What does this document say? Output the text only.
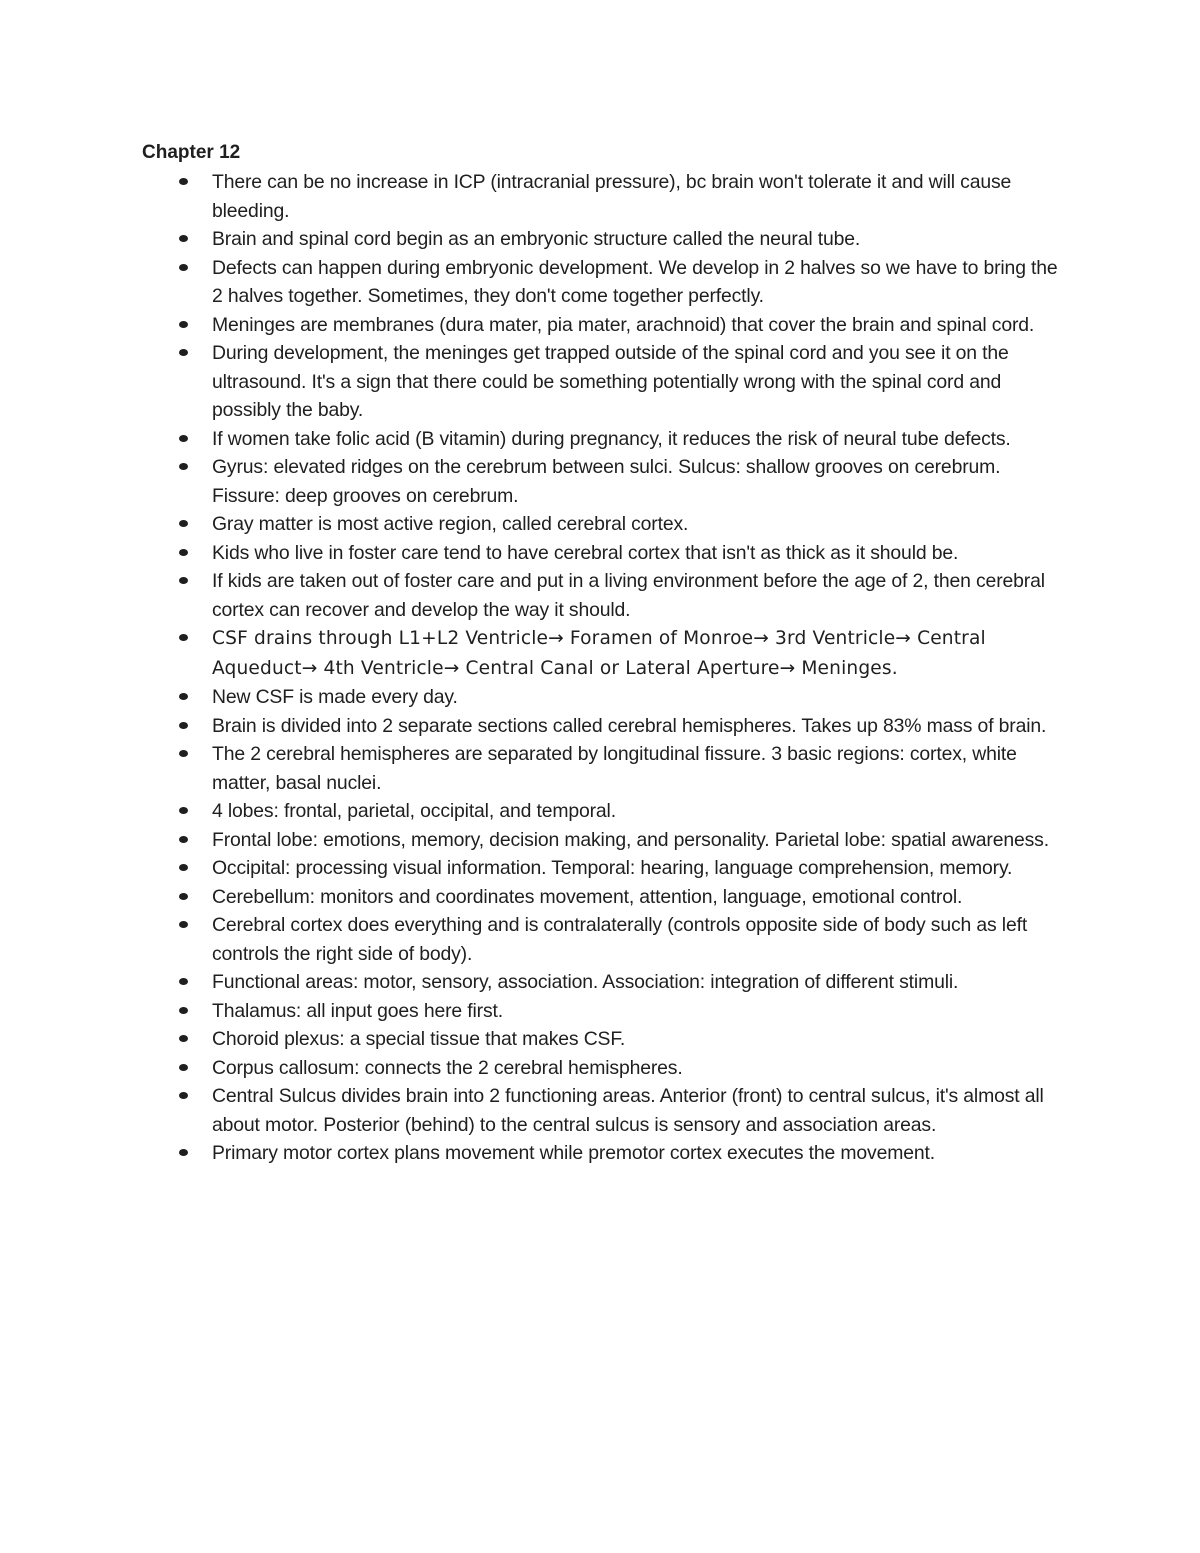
Chapter 12
There can be no increase in ICP (intracranial pressure), bc brain won't tolerate it and will cause bleeding.
Brain and spinal cord begin as an embryonic structure called the neural tube.
Defects can happen during embryonic development. We develop in 2 halves so we have to bring the 2 halves together. Sometimes, they don't come together perfectly.
Meninges are membranes (dura mater, pia mater, arachnoid) that cover the brain and spinal cord.
During development, the meninges get trapped outside of the spinal cord and you see it on the ultrasound. It's a sign that there could be something potentially wrong with the spinal cord and possibly the baby.
If women take folic acid (B vitamin) during pregnancy, it reduces the risk of neural tube defects.
Gyrus: elevated ridges on the cerebrum between sulci. Sulcus: shallow grooves on cerebrum. Fissure: deep grooves on cerebrum.
Gray matter is most active region, called cerebral cortex.
Kids who live in foster care tend to have cerebral cortex that isn't as thick as it should be.
If kids are taken out of foster care and put in a living environment before the age of 2, then cerebral cortex can recover and develop the way it should.
CSF drains through L1+L2 Ventricle→ Foramen of Monroe→ 3rd Ventricle→ Central Aqueduct→ 4th Ventricle→ Central Canal or Lateral Aperture→ Meninges.
New CSF is made every day.
Brain is divided into 2 separate sections called cerebral hemispheres. Takes up 83% mass of brain.
The 2 cerebral hemispheres are separated by longitudinal fissure. 3 basic regions: cortex, white matter, basal nuclei.
4 lobes: frontal, parietal, occipital, and temporal.
Frontal lobe: emotions, memory, decision making, and personality. Parietal lobe: spatial awareness.
Occipital: processing visual information. Temporal: hearing, language comprehension, memory.
Cerebellum: monitors and coordinates movement, attention, language, emotional control.
Cerebral cortex does everything and is contralaterally (controls opposite side of body such as left controls the right side of body).
Functional areas: motor, sensory, association. Association: integration of different stimuli.
Thalamus: all input goes here first.
Choroid plexus: a special tissue that makes CSF.
Corpus callosum: connects the 2 cerebral hemispheres.
Central Sulcus divides brain into 2 functioning areas. Anterior (front) to central sulcus, it's almost all about motor. Posterior (behind) to the central sulcus is sensory and association areas.
Primary motor cortex plans movement while premotor cortex executes the movement.
